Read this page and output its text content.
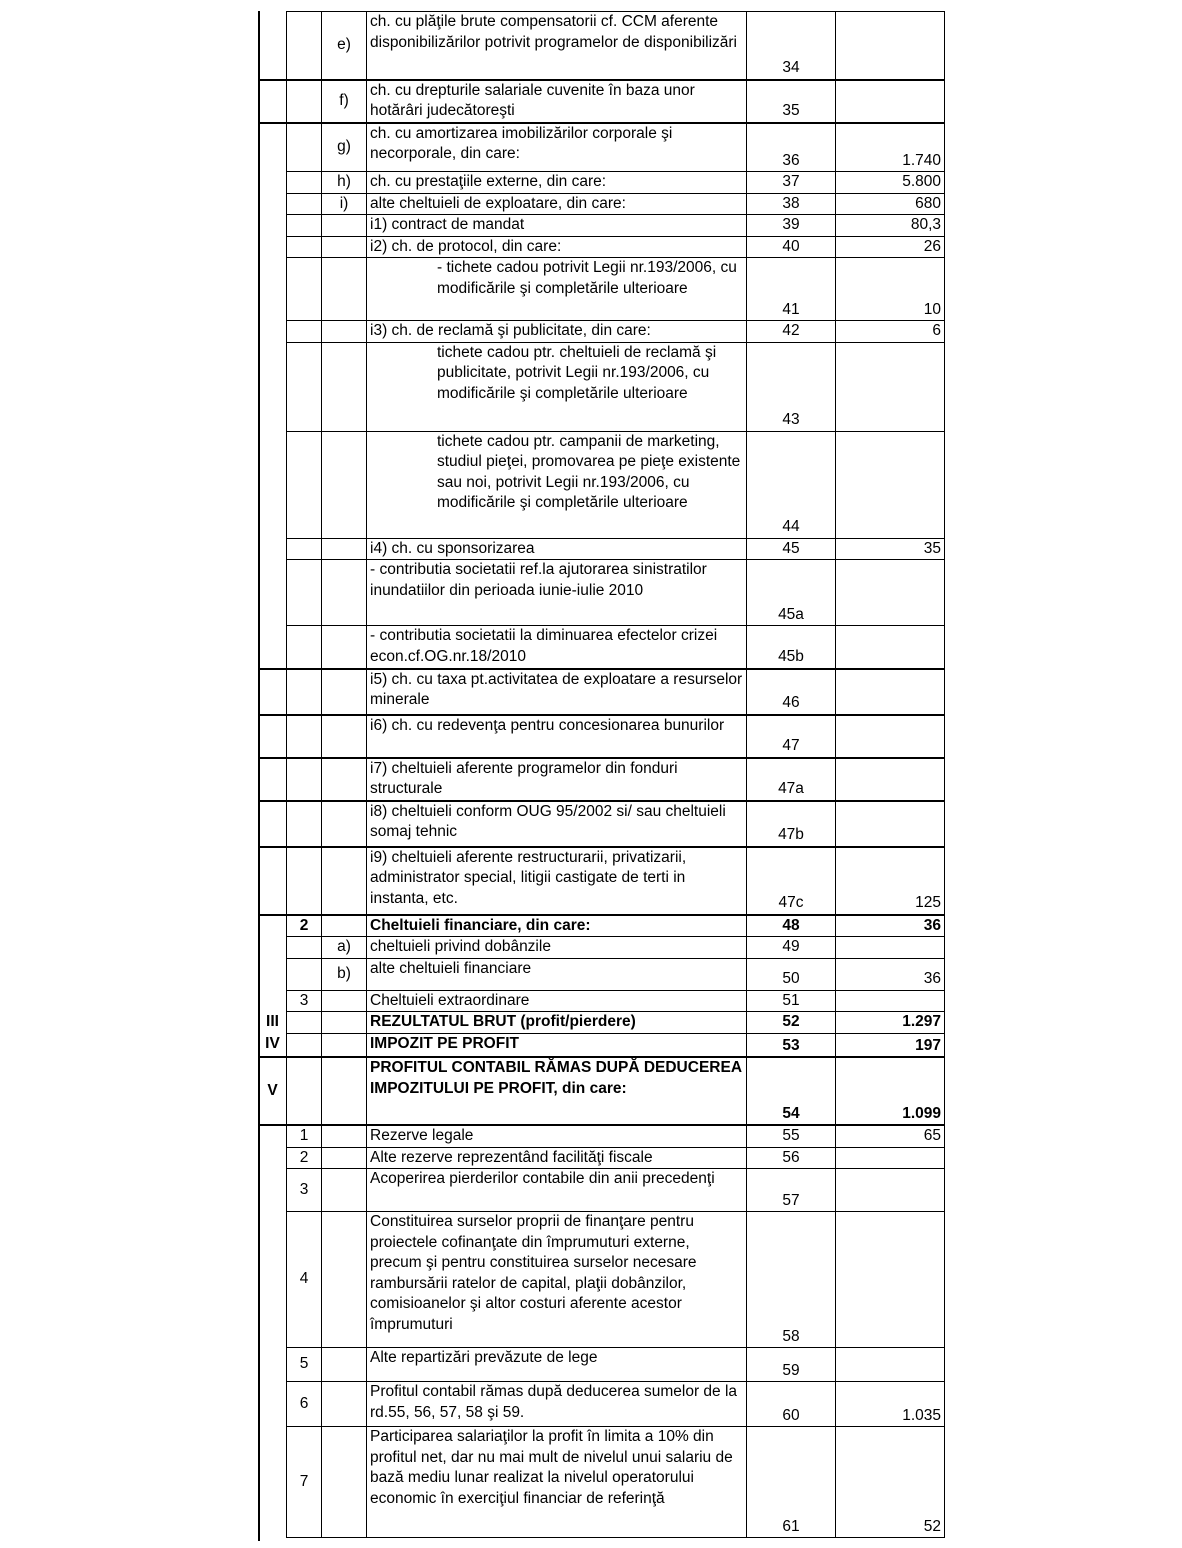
		e)	ch. cu plăţile brute compensatorii cf. CCM aferente disponibilizărilor potrivit programelor de disponibilizări	34	
		f)	ch. cu drepturile salariale cuvenite în baza unor hotărâri judecătoreşti	35	
		g)	ch. cu amortizarea imobilizărilor corporale şi necorporale, din care:	36	1.740
		h)	ch. cu prestaţiile externe, din care:	37	5.800
		i)	alte cheltuieli de exploatare, din care:	38	680
			i1) contract de mandat	39	80,3
			i2) ch. de protocol, din care:	40	26
			- tichete cadou potrivit Legii nr.193/2006, cu modificările şi completările ulterioare	41	10
			i3) ch. de reclamă şi publicitate, din care:	42	6
			tichete cadou ptr. cheltuieli de reclamă şi publicitate, potrivit Legii nr.193/2006, cu modificările şi completările ulterioare	43	
			tichete cadou ptr. campanii de marketing, studiul pieţei, promovarea pe pieţe existente sau noi, potrivit Legii nr.193/2006, cu modificările şi completările ulterioare	44	
			i4) ch. cu sponsorizarea	45	35
			- contributia societatii ref.la ajutorarea sinistratilor inundatiilor din perioada iunie-iulie 2010	45a	
			- contributia societatii la diminuarea efectelor crizei econ.cf.OG.nr.18/2010	45b	
			i5) ch. cu taxa pt.activitatea de exploatare a resurselor minerale	46	
			i6) ch. cu redevenţa pentru concesionarea bunurilor	47	
			i7) cheltuieli aferente programelor din fonduri structurale	47a	
			i8) cheltuieli conform OUG 95/2002 si/ sau cheltuieli somaj tehnic	47b	
			i9) cheltuieli aferente restructurarii, privatizarii, administrator special, litigii castigate de terti in instanta, etc.	47c	125
	2		Cheltuieli financiare, din care:	48	36
		a)	cheltuieli privind dobânzile	49	
		b)	alte cheltuieli financiare	50	36
	3		Cheltuieli extraordinare	51	
III			REZULTATUL BRUT (profit/pierdere)	52	1.297
IV			IMPOZIT PE PROFIT	53	197
V			PROFITUL CONTABIL RĂMAS DUPĂ DEDUCEREA IMPOZITULUI PE PROFIT, din care:	54	1.099
	1		Rezerve legale	55	65
	2		Alte rezerve reprezentând facilităţi fiscale	56	
	3		Acoperirea pierderilor contabile din anii precedenţi	57	
	4		Constituirea surselor proprii de finanţare pentru proiectele cofinanţate din împrumuturi externe, precum şi pentru constituirea surselor necesare rambursării ratelor de capital, plaţii dobânzilor, comisioanelor şi altor costuri aferente acestor împrumuturi	58	
	5		Alte repartizări prevăzute de lege	59	
	6		Profitul contabil rămas după deducerea sumelor de la rd.55, 56, 57, 58 şi 59.	60	1.035
	7		Participarea salariaţilor la profit în limita a 10% din profitul net, dar nu mai mult de nivelul unui salariu de bază mediu lunar realizat la nivelul operatorului economic în exerciţiul financiar de referinţă	61	52
